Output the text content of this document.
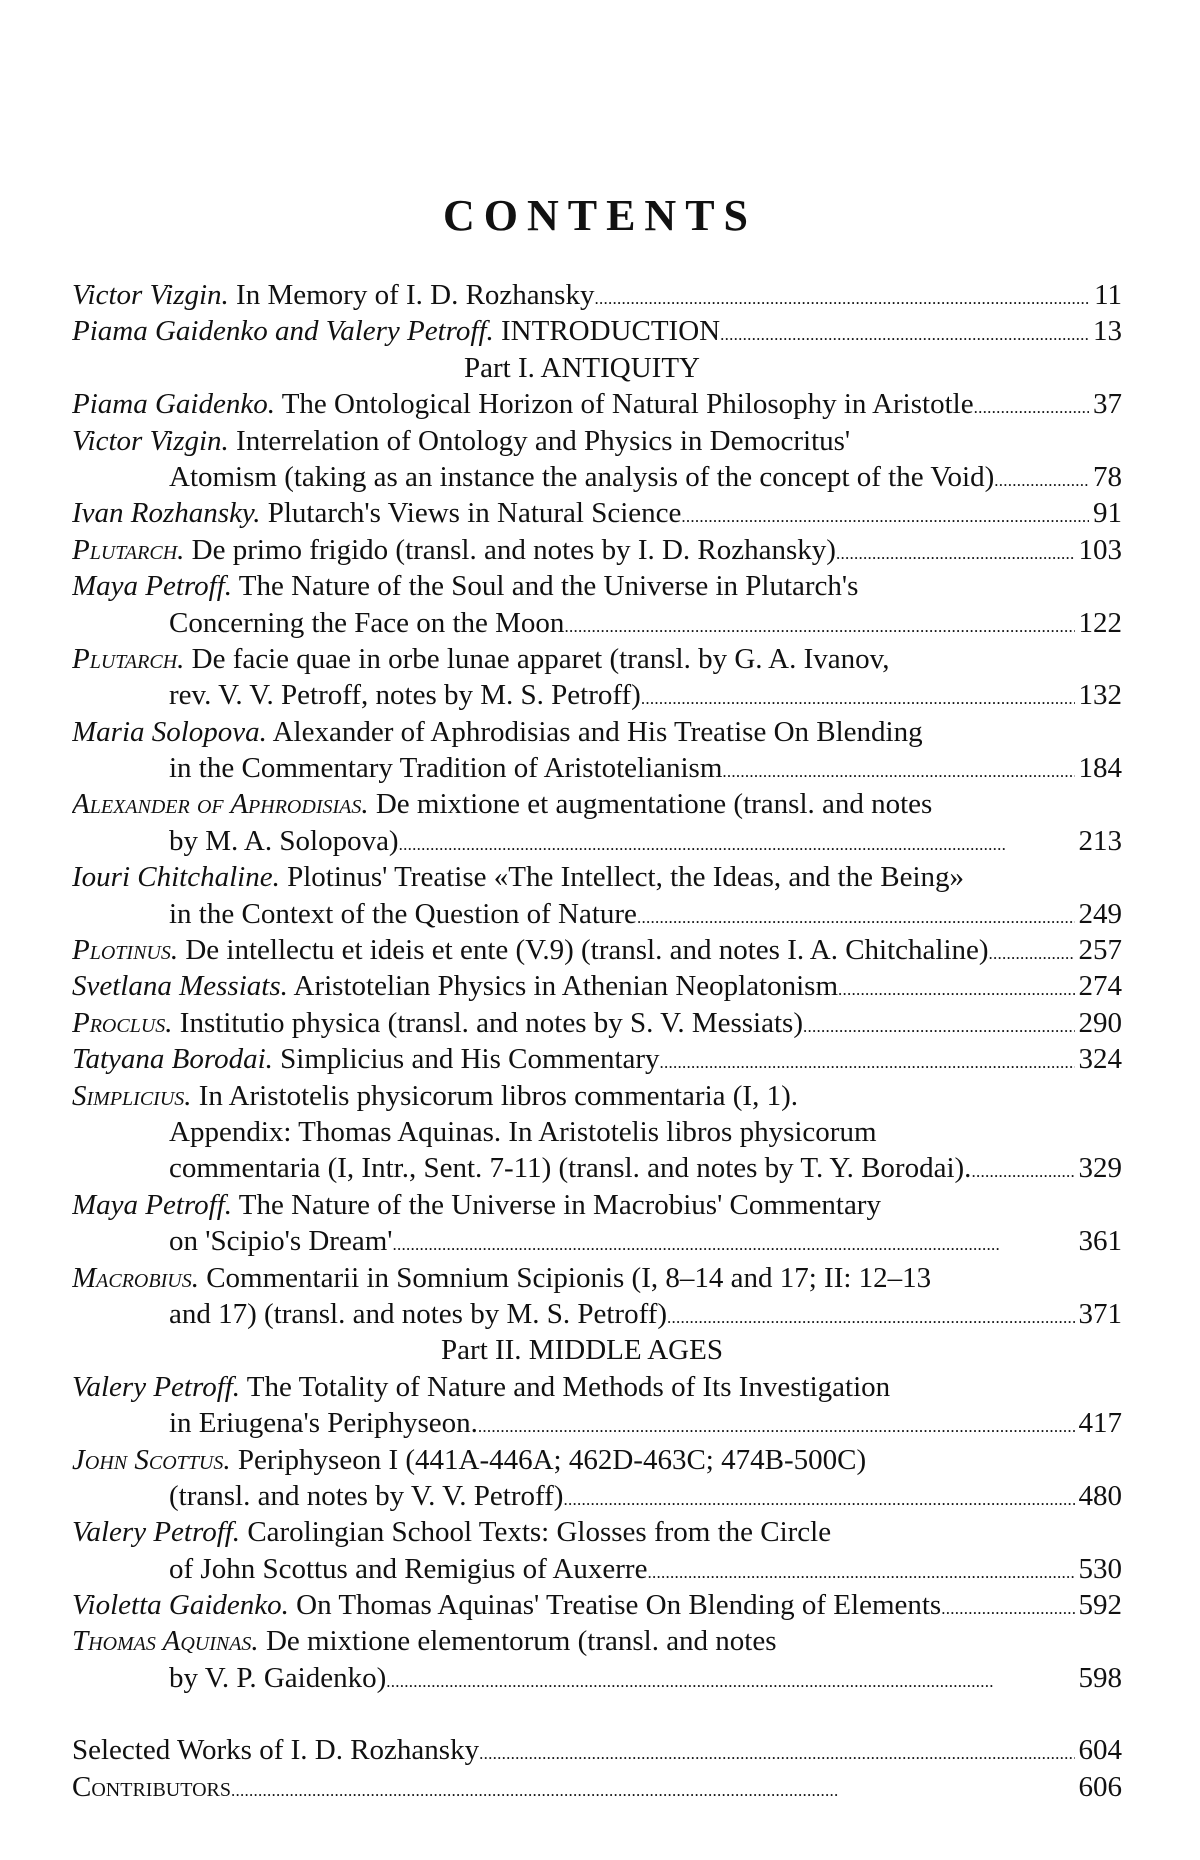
CONTENTS
Victor Vizgin. In Memory of I. D. Rozhansky	11
. . .
Piama Gaidenko and Valery Petroff. INTRODUCTION	13
. . .
Part I. ANTIQUITY
Piama Gaidenko. The Ontological Horizon of Natural Philosophy in Aristotle	37
. . .
Victor Vizgin. Interrelation of Ontology and Physics in Democritus'
Atomism (taking as an instance the analysis of the concept of the Void)	78
. . .
Ivan Rozhansky. Plutarch's Views in Natural Science	91
. . .
Plutarch. De primo frigido (transl. and notes by I. D. Rozhansky)	103
. . .
Maya Petroff. The Nature of the Soul and the Universe in Plutarch's
Concerning the Face on the Moon	122
. . .
Plutarch. De facie quae in orbe lunae apparet (transl. by G. A. Ivanov,
rev. V. V. Petroff, notes by M. S. Petroff)	132
. . .
Maria Solopova. Alexander of Aphrodisias and His Treatise On Blending
in the Commentary Tradition of Aristotelianism	184
. . .
Alexander of Aphrodisias. De mixtione et augmentatione (transl. and notes
by M. A. Solopova)	213
. . .
Iouri Chitchaline. Plotinus' Treatise «The Intellect, the Ideas, and the Being»
in the Context of the Question of Nature	249
. . .
Plotinus. De intellectu et ideis et ente (V.9) (transl. and notes I. A. Chitchaline)	257
. . .
Svetlana Messiats. Aristotelian Physics in Athenian Neoplatonism	274
. . .
Proclus. Institutio physica (transl. and notes by S. V. Messiats)	290
. . .
Tatyana Borodai. Simplicius and His Commentary	324
. . .
Simplicius. In Aristotelis physicorum libros commentaria (I, 1).
Appendix: Thomas Aquinas. In Aristotelis libros physicorum
commentaria (I, Intr., Sent. 7-11) (transl. and notes by T. Y. Borodai).	329
. . .
Maya Petroff. The Nature of the Universe in Macrobius' Commentary
on 'Scipio's Dream'	361
. . .
Macrobius. Commentarii in Somnium Scipionis (I, 8–14 and 17; II: 12–13
and 17) (transl. and notes by M. S. Petroff)	371
. . .
Part II. MIDDLE AGES
Valery Petroff. The Totality of Nature and Methods of Its Investigation
in Eriugena's Periphyseon.	417
. . .
John Scottus. Periphyseon I (441A-446A; 462D-463C; 474B-500C)
(transl. and notes by V. V. Petroff)	480
. . .
Valery Petroff. Carolingian School Texts: Glosses from the Circle
of John Scottus and Remigius of Auxerre	530
. . .
Violetta Gaidenko. On Thomas Aquinas' Treatise On Blending of Elements	592
. . .
Thomas Aquinas. De mixtione elementorum (transl. and notes
by V. P. Gaidenko)	598
. . .
Selected Works of I. D. Rozhansky	604
. . .
Contributors	606
. . .
